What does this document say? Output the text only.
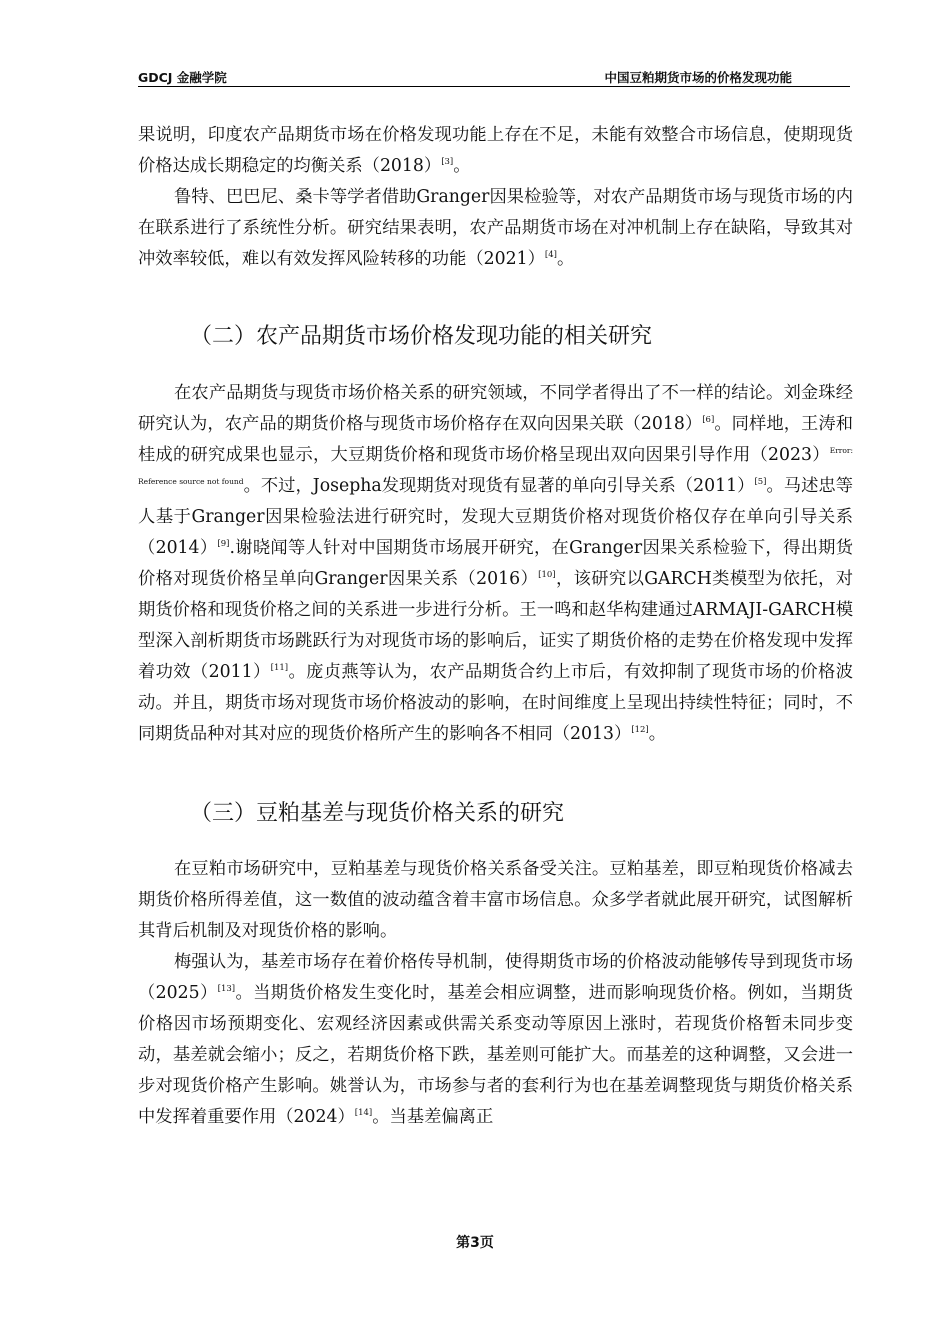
GDCJ 金融学院	中国豆粕期货市场的价格发现功能

果说明，印度农产品期货市场在价格发现功能上存在不足，未能有效整合市场信息，使期现货价格达成长期稳定的均衡关系（2018）[3]。

鲁特、巴巴尼、桑卡等学者借助Granger因果检验等，对农产品期货市场与现货市场的内在联系进行了系统性分析。研究结果表明，农产品期货市场在对冲机制上存在缺陷，导致其对冲效率较低，难以有效发挥风险转移的功能（2021）[4]。

（二）农产品期货市场价格发现功能的相关研究

在农产品期货与现货市场价格关系的研究领域，不同学者得出了不一样的结论。刘金珠经研究认为，农产品的期货价格与现货市场价格存在双向因果关联（2018）[6]。同样地，王涛和桂成的研究成果也显示，大豆期货价格和现货市场价格呈现出双向因果引导作用$(2023)^{Error: Reference source not found}$。不过，Josepha发现期货对现货有显著的单向引导关系（2011）[5]。马述忠等人基于Granger因果检验法进行研究时，发现大豆期货价格对现货价格仅存在单向引导关系（2014）[9].谢晓闻等人针对中国期货市场展开研究，在Granger因果关系检验下，得出期货价格对现货价格呈单向Granger因果关系（2016）[10]，该研究以GARCH类模型为依托，对期货价格和现货价格之间的关系进一步进行分析。王一鸣和赵华构建通过ARMAJI-GARCH模型深入剖析期货市场跳跃行为对现货市场的影响后，证实了期货价格的走势在价格发现中发挥着功效（2011）[11]。庞贞燕等认为，农产品期货合约上市后，有效抑制了现货市场的价格波动。并且，期货市场对现货市场价格波动的影响，在时间维度上呈现出持续性特征；同时，不同期货品种对其对应的现货价格所产生的影响各不相同（2013）[12]。

（三）豆粕基差与现货价格关系的研究

在豆粕市场研究中，豆粕基差与现货价格关系备受关注。豆粕基差，即豆粕现货价格减去期货价格所得差值，这一数值的波动蕴含着丰富市场信息。众多学者就此展开研究，试图解析其背后机制及对现货价格的影响。

梅强认为，基差市场存在着价格传导机制，使得期货市场的价格波动能够传导到现货市场（2025）[13]。当期货价格发生变化时，基差会相应调整，进而影响现货价格。例如，当期货价格因市场预期变化、宏观经济因素或供需关系变动等原因上涨时，若现货价格暂未同步变动，基差就会缩小；反之，若期货价格下跌，基差则可能扩大。而基差的这种调整，又会进一步对现货价格产生影响。姚誉认为，市场参与者的套利行为也在基差调整现货与期货价格关系中发挥着重要作用（2024）[14]。当基差偏离正

第3页
